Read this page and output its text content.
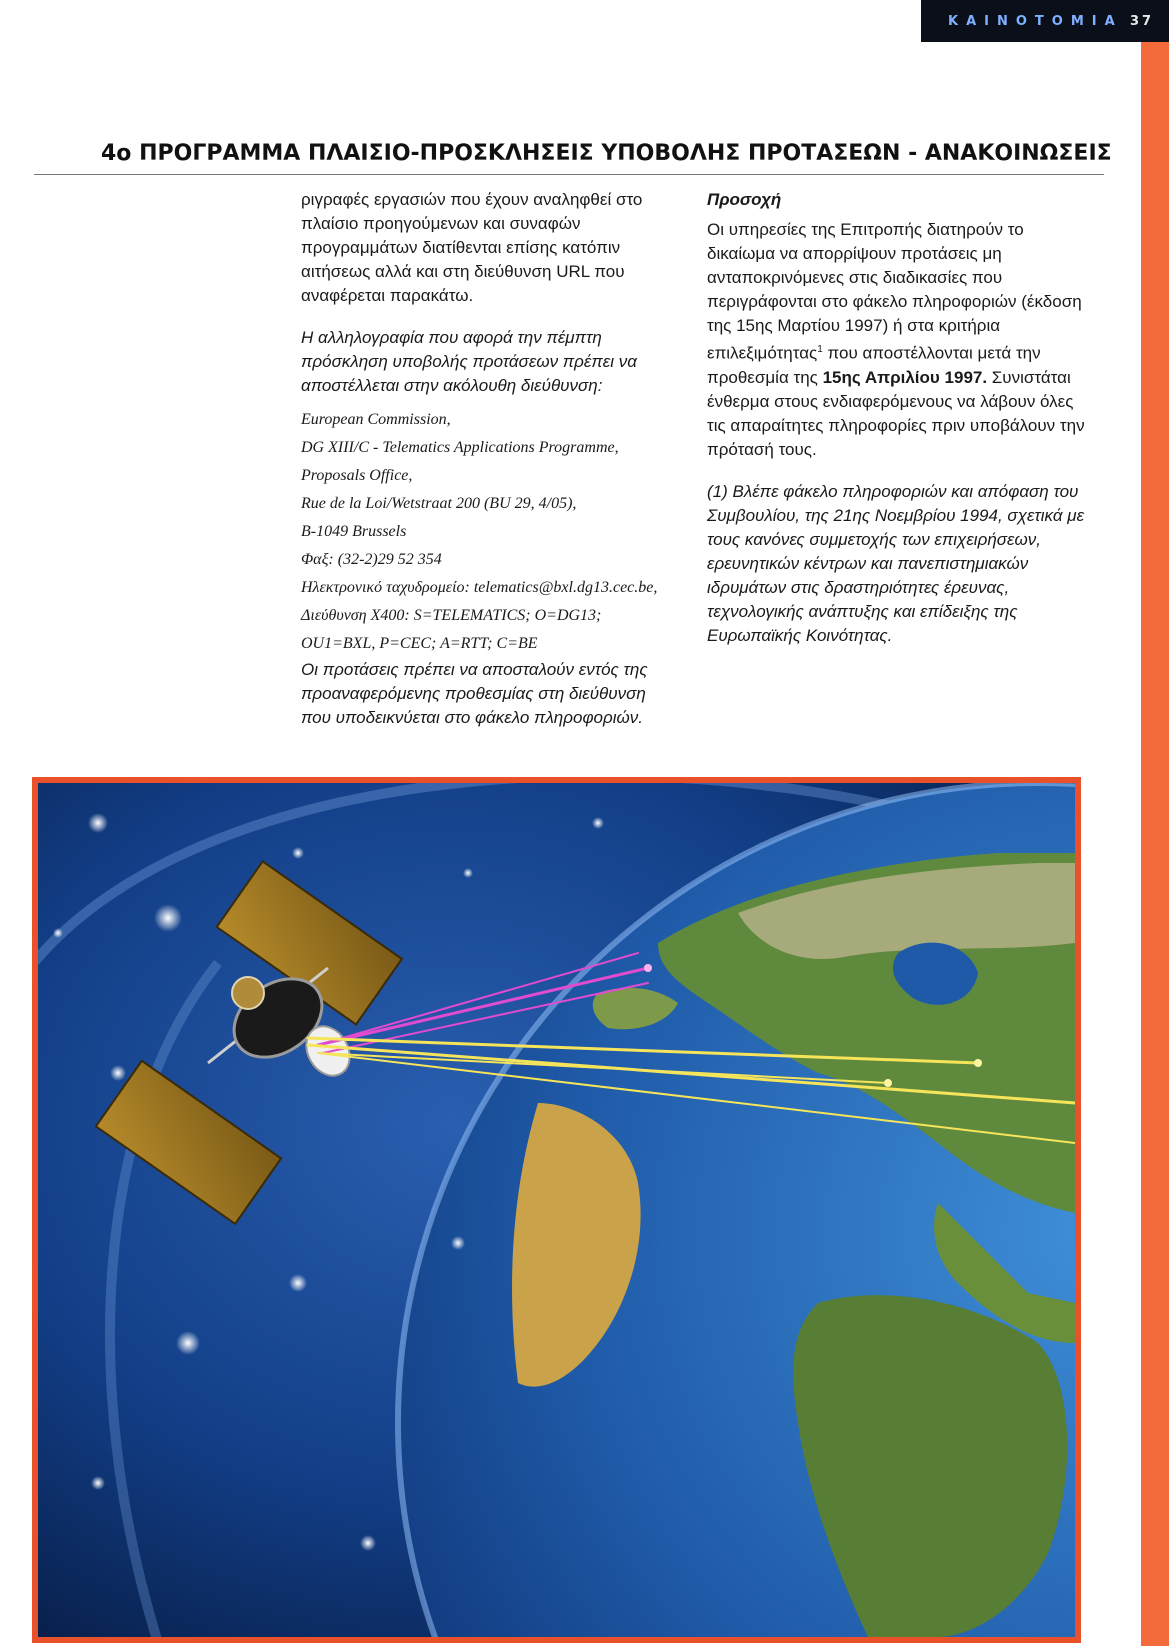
ΚΑΙΝΟΤΟΜΙΑ 37
4ο ΠΡΟΓΡΑΜΜΑ ΠΛΑΙΣΙΟ-ΠΡΟΣΚΛΗΣΕΙΣ ΥΠΟΒΟΛΗΣ ΠΡΟΤΑΣΕΩΝ - ΑΝΑΚΟΙΝΩΣΕΙΣ

ριγραφές εργασιών που έχουν αναληφθεί στο πλαίσιο προηγούμενων και συναφών προγραμμάτων διατίθενται επίσης κατόπιν αιτήσεως αλλά και στη διεύθυνση URL που αναφέρεται παρακάτω.

Η αλληλογραφία που αφορά την πέμπτη πρόσκληση υποβολής προτάσεων πρέπει να αποστέλλεται στην ακόλουθη διεύθυνση:

European Commission,

DG XIII/C - Telematics Applications Programme, Proposals Office,

Rue de la Loi/Wetstraat 200 (BU 29, 4/05),

B-1049 Brussels

Φαξ: (32-2)29 52 354

Ηλεκτρονικό ταχυδρομείο: telematics@bxl.dg13.cec.be,

Διεύθυνση X400: S=TELEMATICS; O=DG13;

OU1=BXL, P=CEC; A=RTT; C=BE

Οι προτάσεις πρέπει να αποσταλούν εντός της προαναφερόμενης προθεσμίας στη διεύθυνση που υποδεικνύεται στο φάκελο πληροφοριών.

Προσοχή

Οι υπηρεσίες της Επιτροπής διατηρούν το δικαίωμα να απορρίψουν προτάσεις μη ανταποκρινόμενες στις διαδικασίες που περιγράφονται στο φάκελο πληροφοριών (έκδοση της 15ης Μαρτίου 1997) ή στα κριτήρια επιλεξιμότητας$^1$ που αποστέλλονται μετά την προθεσμία της 15ης Απριλίου 1997. Συνιστάται ένθερμα στους ενδιαφερόμενους να λάβουν όλες τις απαραίτητες πληροφορίες πριν υποβάλουν την πρότασή τους.

(1) Βλέπε φάκελο πληροφοριών και απόφαση του Συμβουλίου, της 21ης Νοεμβρίου 1994, σχετικά με τους κανόνες συμμετοχής των επιχειρήσεων, ερευνητικών κέντρων και πανεπιστημιακών ιδρυμάτων στις δραστηριότητες έρευνας, τεχνολογικής ανάπτυξης και επίδειξης της Ευρωπαϊκής Κοινότητας.
